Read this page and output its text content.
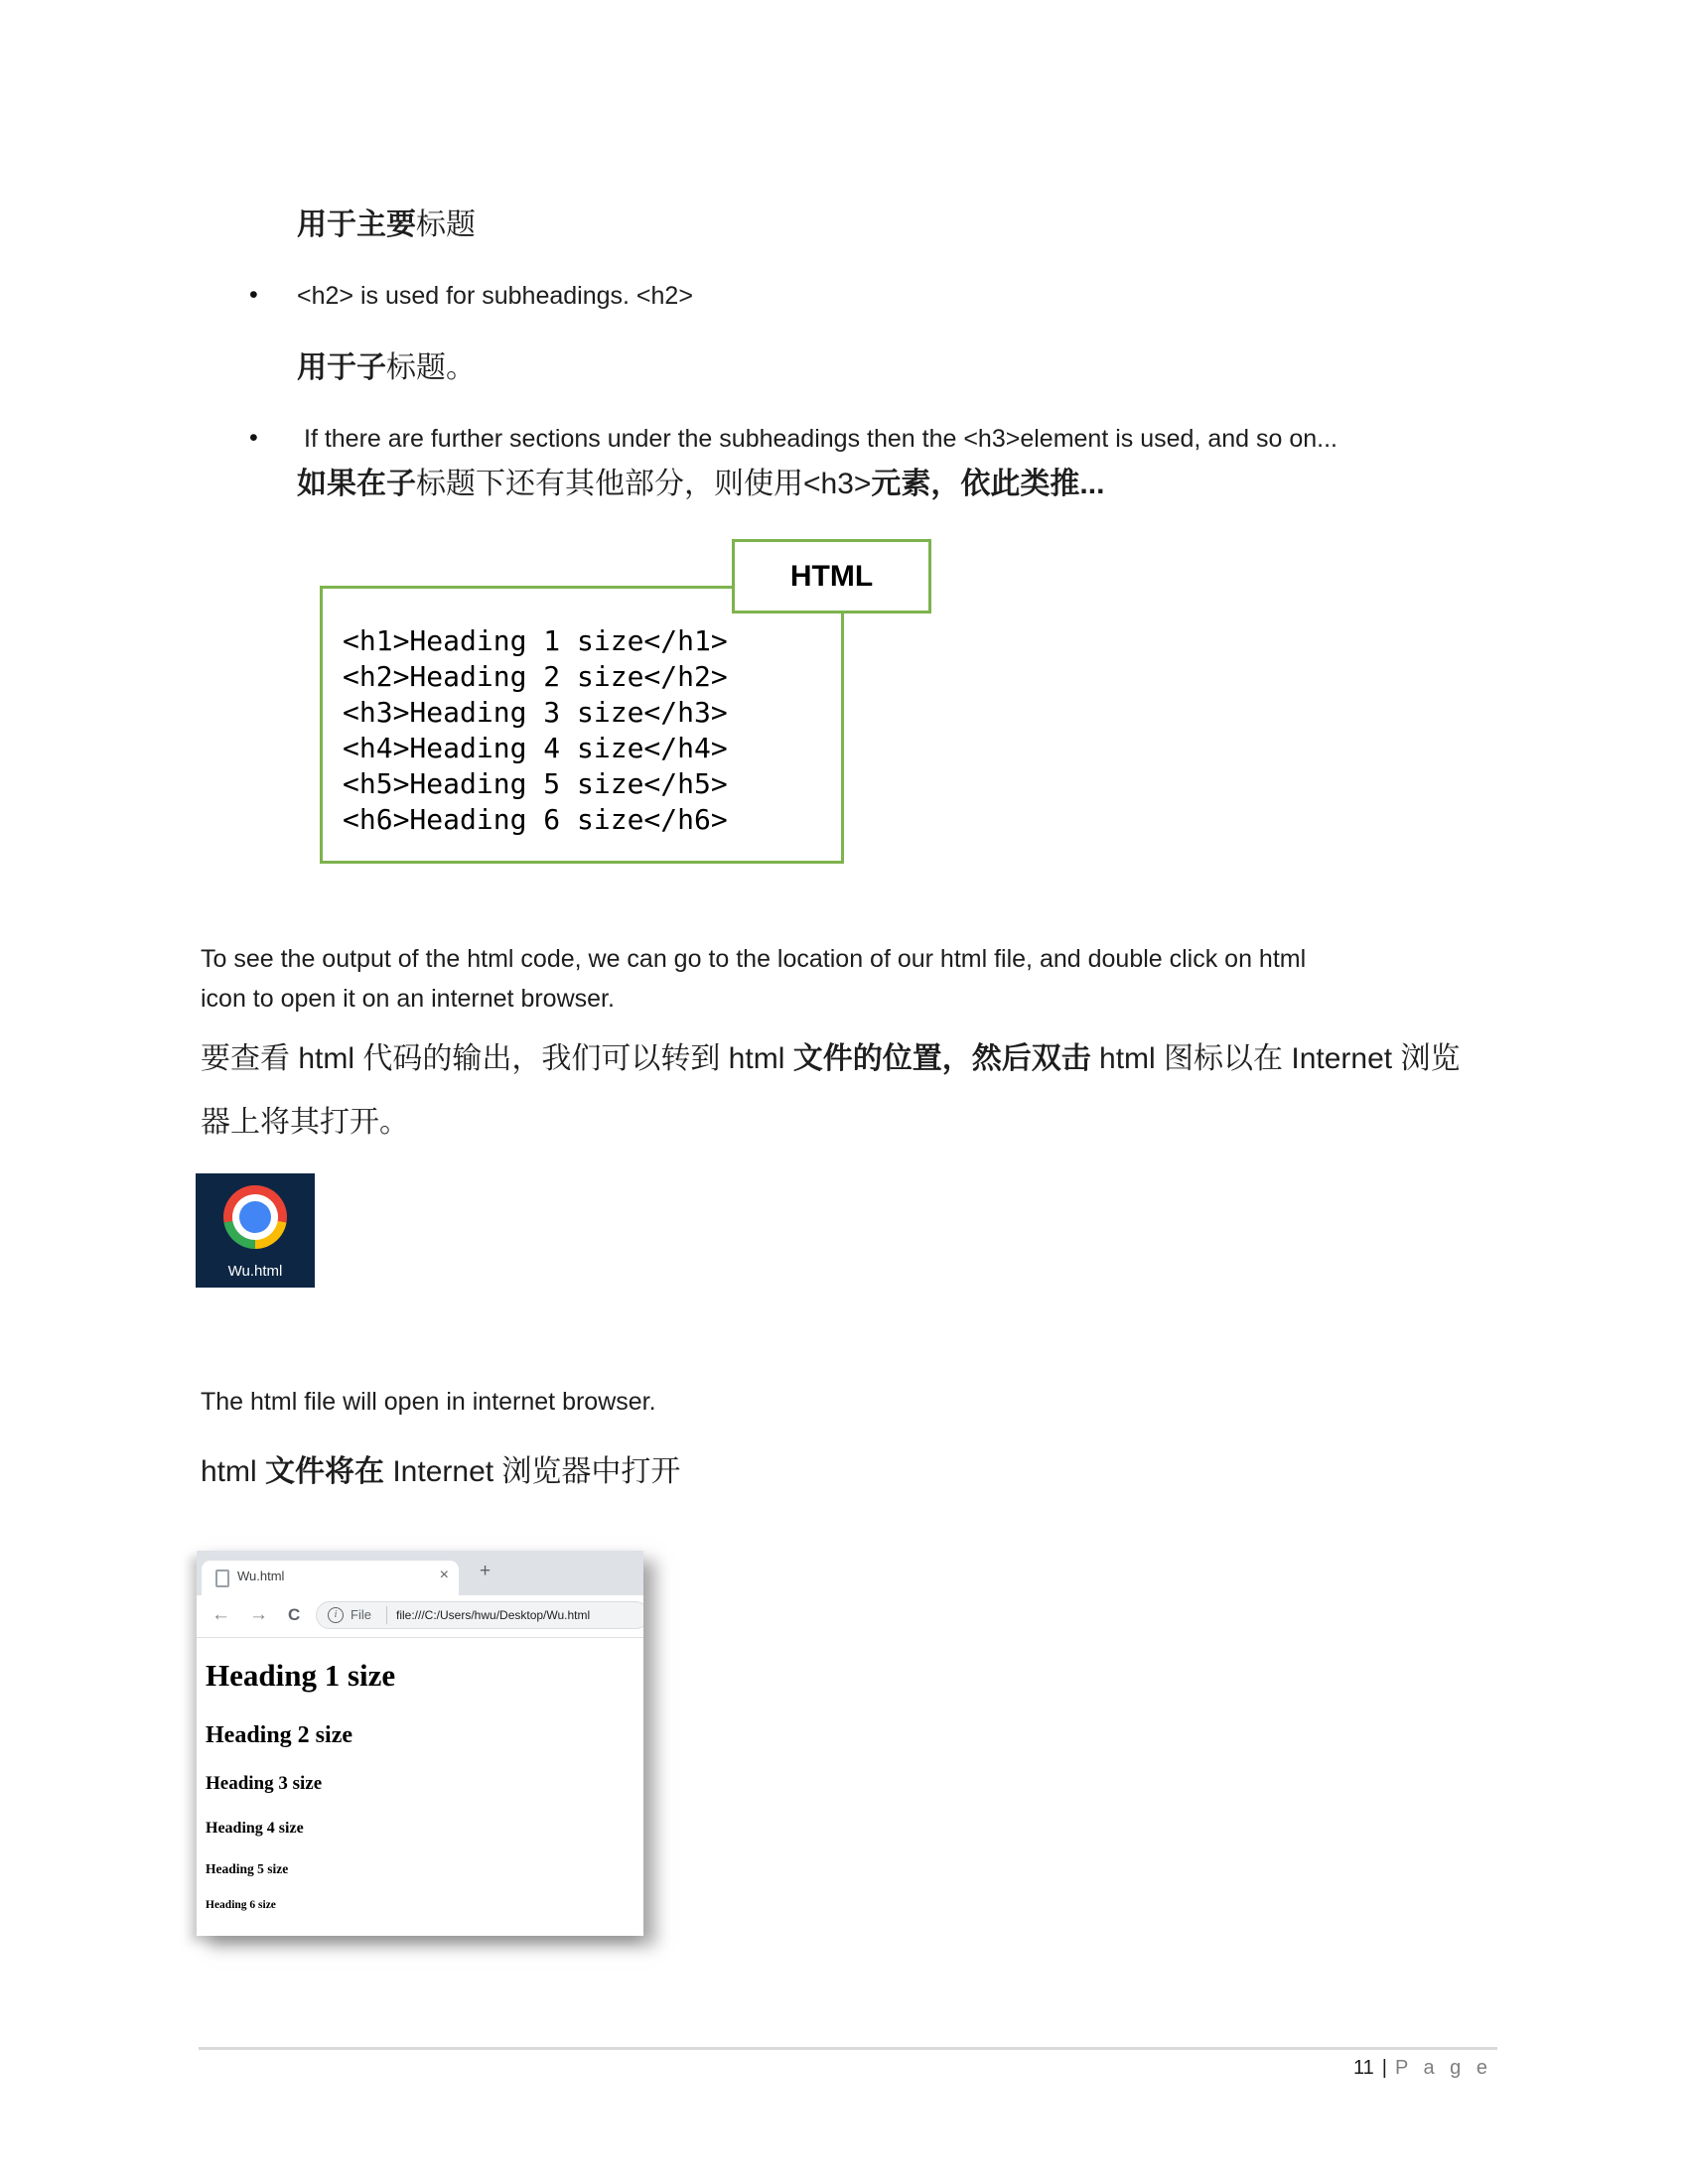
用于主要标题
• <h2> is used for subheadings. <h2>
用于子标题。
• If there are further sections under the subheadings then the <h3>element is used, and so on...
如果在子标题下还有其他部分，则使用<h3>元素，依此类推...
<h1>Heading 1 size</h1>
<h2>Heading 2 size</h2>
<h3>Heading 3 size</h3>
<h4>Heading 4 size</h4>
<h5>Heading 5 size</h5>
<h6>Heading 6 size</h6>
HTML
To see the output of the html code, we can go to the location of our html file, and double click on html
icon to open it on an internet browser.
要查看 html 代码的输出，我们可以转到 html 文件的位置，然后双击 html 图标以在 Internet 浏览
器上将其打开。
Wu.html
The html file will open in internet browser.
html 文件将在 Internet 浏览器中打开
Wu.html	× +
← → C	i	File file:///C:/Users/hwu/Desktop/Wu.html
Heading 1 size
Heading 2 size
Heading 3 size
Heading 4 size
Heading 5 size
Heading 6 size
11 | P a g e
